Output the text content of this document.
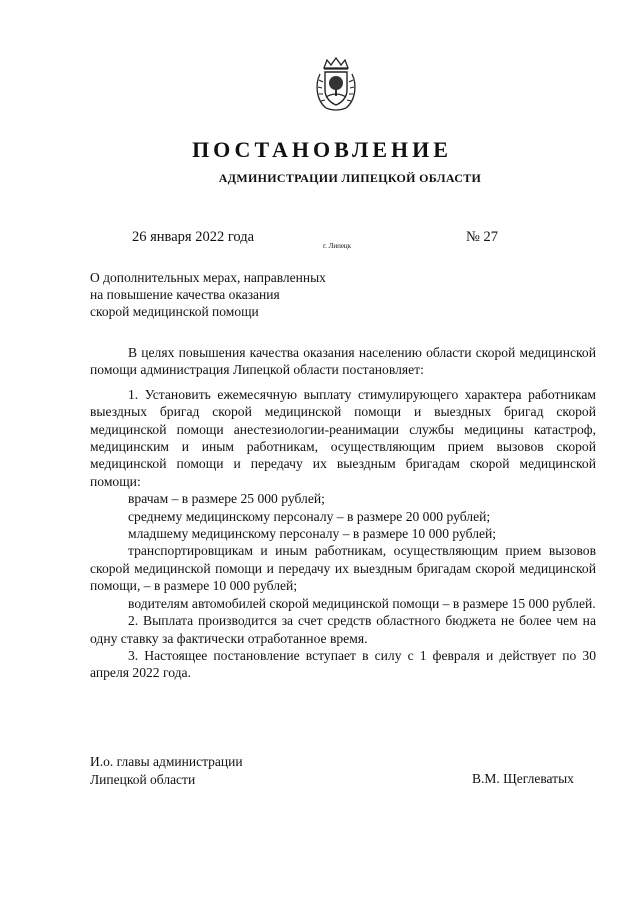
ПОСТАНОВЛЕНИЕ
АДМИНИСТРАЦИИ ЛИПЕЦКОЙ ОБЛАСТИ
26 января 2022 года
г. Липецк
№ 27
О дополнительных мерах, направленных
на повышение качества оказания
скорой медицинской помощи

В целях повышения качества оказания населению области скорой медицинской помощи администрация Липецкой области постановляет:

1. Установить ежемесячную выплату стимулирующего характера работникам выездных бригад скорой медицинской помощи и выездных бригад скорой медицинской помощи анестезиологии-реанимации службы медицины катастроф, медицинским и иным работникам, осуществляющим прием вызовов скорой медицинской помощи и передачу их выездным бригадам скорой медицинской помощи:

врачам – в размере 25 000 рублей;

среднему медицинскому персоналу – в размере 20 000 рублей;

младшему медицинскому персоналу – в размере 10 000 рублей;

транспортировщикам и иным работникам, осуществляющим прием вызовов скорой медицинской помощи и передачу их выездным бригадам скорой медицинской помощи, – в размере 10 000 рублей;

водителям автомобилей скорой медицинской помощи – в размере 15 000 рублей.

2. Выплата производится за счет средств областного бюджета не более чем на одну ставку за фактически отработанное время.

3. Настоящее постановление вступает в силу с 1 февраля и действует по 30 апреля 2022 года.

И.о. главы администрации
Липецкой области	В.М. Щеглеватых
